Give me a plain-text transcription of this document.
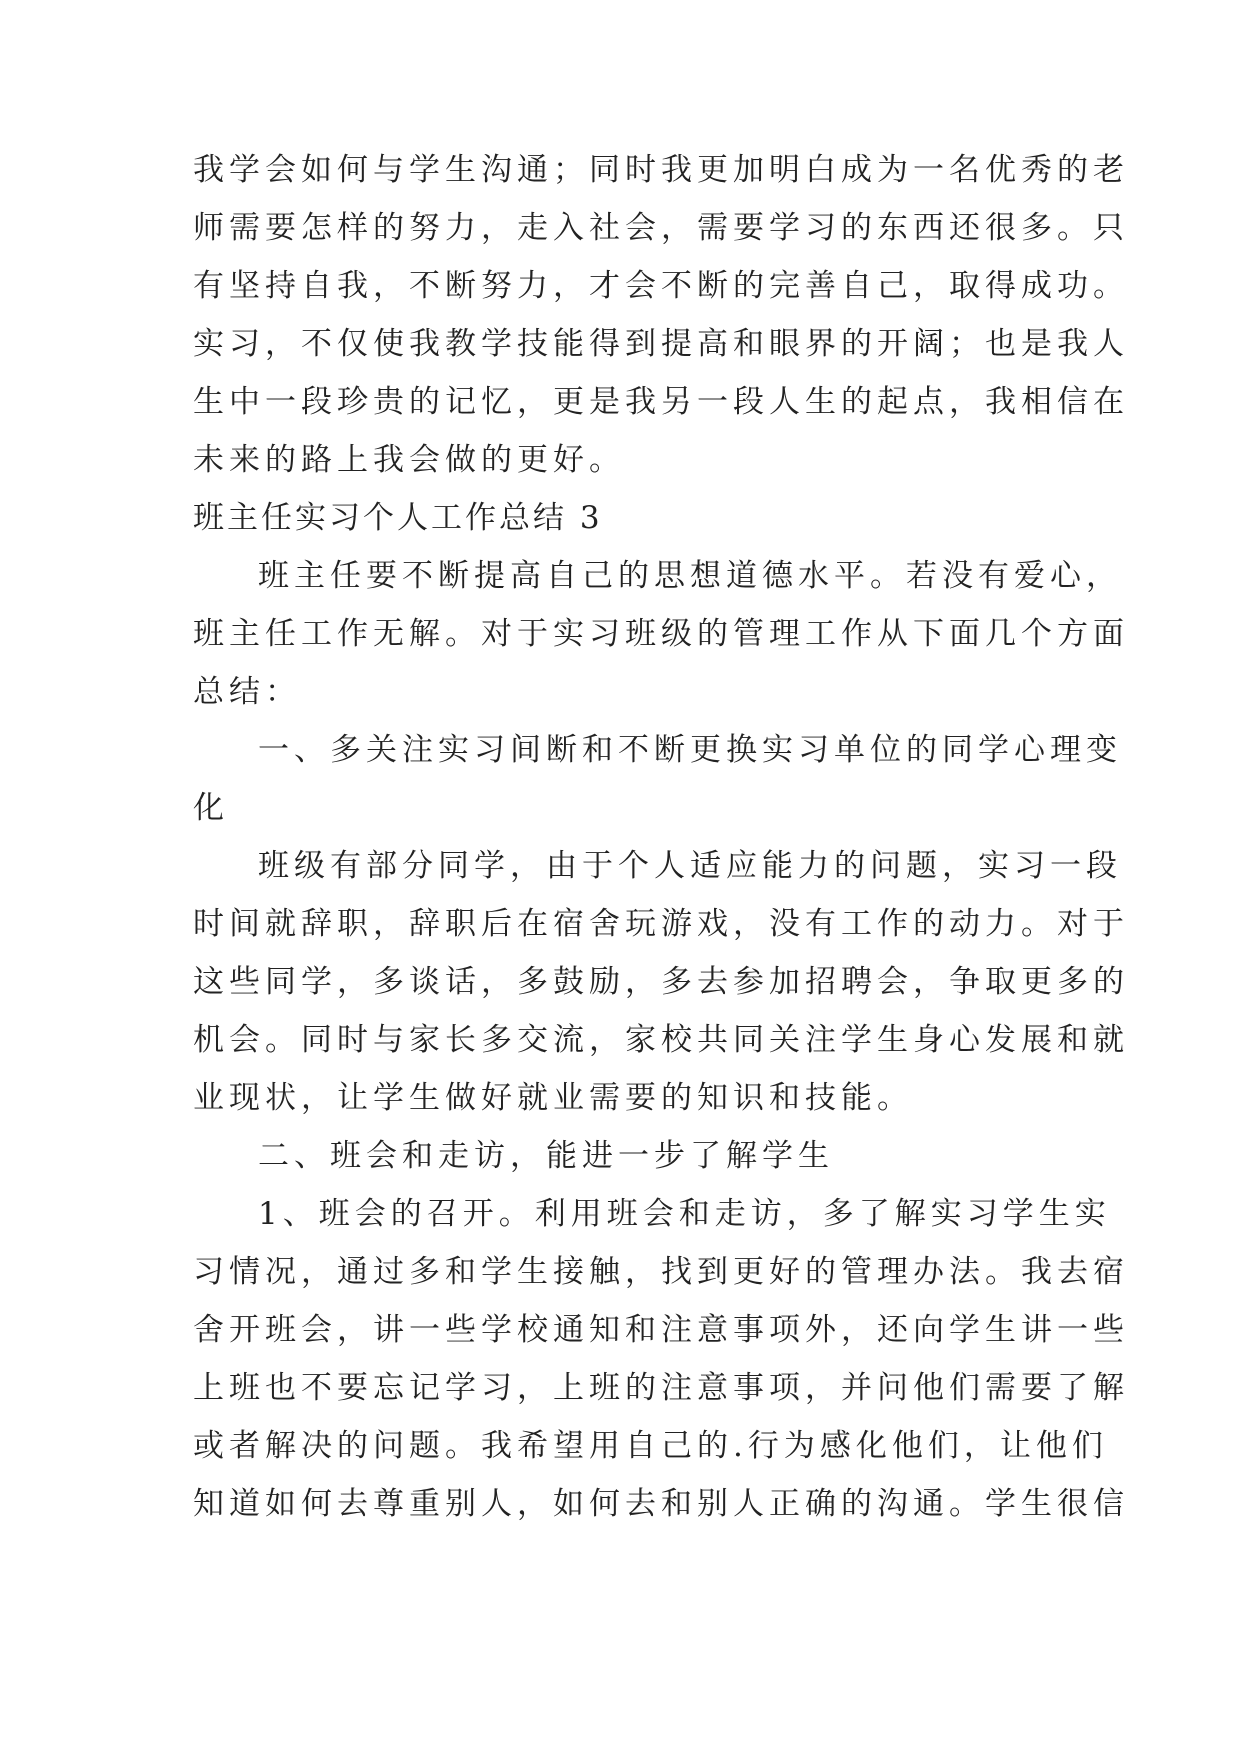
我学会如何与学生沟通；同时我更加明白成为一名优秀的老
师需要怎样的努力，走入社会，需要学习的东西还很多。只
有坚持自我，不断努力，才会不断的完善自己，取得成功。
实习，不仅使我教学技能得到提高和眼界的开阔；也是我人
生中一段珍贵的记忆，更是我另一段人生的起点，我相信在
未来的路上我会做的更好。
班主任实习个人工作总结 3
班主任要不断提高自己的思想道德水平。若没有爱心，
班主任工作无解。对于实习班级的管理工作从下面几个方面
总结：
一、多关注实习间断和不断更换实习单位的同学心理变
化
班级有部分同学，由于个人适应能力的问题，实习一段
时间就辞职，辞职后在宿舍玩游戏，没有工作的动力。对于
这些同学，多谈话，多鼓励，多去参加招聘会，争取更多的
机会。同时与家长多交流，家校共同关注学生身心发展和就
业现状，让学生做好就业需要的知识和技能。
二、班会和走访，能进一步了解学生
1、班会的召开。利用班会和走访，多了解实习学生实
习情况，通过多和学生接触，找到更好的管理办法。我去宿
舍开班会，讲一些学校通知和注意事项外，还向学生讲一些
上班也不要忘记学习，上班的注意事项，并问他们需要了解
或者解决的问题。我希望用自己的.行为感化他们，让他们
知道如何去尊重别人，如何去和别人正确的沟通。学生很信
